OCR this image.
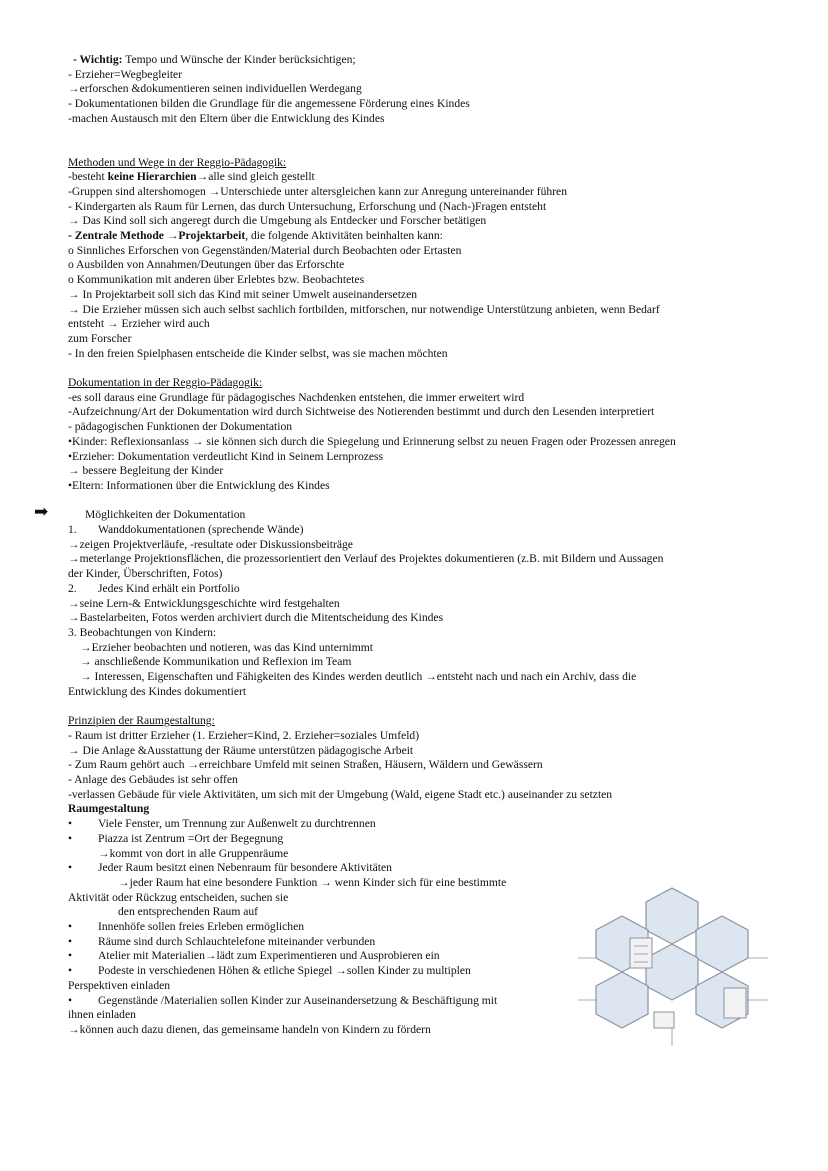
- Wichtig: Tempo und Wünsche der Kinder berücksichtigen;
- Erzieher=Wegbegleiter
→erforschen &dokumentieren seinen individuellen Werdegang
- Dokumentationen bilden die Grundlage für die angemessene Förderung eines Kindes
-machen Austausch mit den Eltern über die Entwicklung des Kindes
Methoden und Wege in der Reggio-Pädagogik:
-besteht keine Hierarchien→alle sind gleich gestellt
-Gruppen sind altershomogen →Unterschiede unter altersgleichen kann zur Anregung untereinander führen
- Kindergarten als Raum für Lernen, das durch Untersuchung, Erforschung und (Nach-)Fragen entsteht
→ Das Kind soll sich angeregt durch die Umgebung als Entdecker und Forscher betätigen
- Zentrale Methode →Projektarbeit, die folgende Aktivitäten beinhalten kann:
o Sinnliches Erforschen von Gegenständen/Material durch Beobachten oder Ertasten
o Ausbilden von Annahmen/Deutungen über das Erforschte
o Kommunikation mit anderen über Erlebtes bzw. Beobachtetes
→ In Projektarbeit soll sich das Kind mit seiner Umwelt auseinandersetzen
→ Die Erzieher müssen sich auch selbst sachlich fortbilden, mitforschen, nur notwendige Unterstützung anbieten, wenn Bedarf
entsteht → Erzieher wird auch
zum Forscher
- In den freien Spielphasen entscheide die Kinder selbst, was sie machen möchten
Dokumentation in der Reggio-Pädagogik:
-es soll daraus eine Grundlage für pädagogisches Nachdenken entstehen, die immer erweitert wird
-Aufzeichnung/Art der Dokumentation wird durch Sichtweise des Notierenden bestimmt und durch den Lesenden interpretiert
- pädagogischen Funktionen der Dokumentation
•Kinder: Reflexionsanlass → sie können sich durch die Spiegelung und Erinnerung selbst zu neuen Fragen oder Prozessen anregen
•Erzieher: Dokumentation verdeutlicht Kind in Seinem Lernprozess
→ bessere Begleitung der Kinder
•Eltern: Informationen über die Entwicklung des Kindes
Möglichkeiten der Dokumentation
1. Wanddokumentationen (sprechende Wände)
→zeigen Projektverläufe, -resultate oder Diskussionsbeiträge
→meterlange Projektionsflächen, die prozessorientiert den Verlauf des Projektes dokumentieren (z.B. mit Bildern und Aussagen
der Kinder, Überschriften, Fotos)
2. Jedes Kind erhält ein Portfolio
→seine Lern-& Entwicklungsgeschichte wird festgehalten
→Bastelarbeiten, Fotos werden archiviert durch die Mitentscheidung des Kindes
3. Beobachtungen von Kindern:
→Erzieher beobachten und notieren, was das Kind unternimmt
→ anschließende Kommunikation und Reflexion im Team
→ Interessen, Eigenschaften und Fähigkeiten des Kindes werden deutlich →entsteht nach und nach ein Archiv, dass die
Entwicklung des Kindes dokumentiert
Prinzipien der Raumgestaltung:
- Raum ist dritter Erzieher (1. Erzieher=Kind, 2. Erzieher=soziales Umfeld)
→ Die Anlage &Ausstattung der Räume unterstützen pädagogische Arbeit
- Zum Raum gehört auch →erreichbare Umfeld mit seinen Straßen, Häusern, Wäldern und Gewässern
- Anlage des Gebäudes ist sehr offen
-verlassen Gebäude für viele Aktivitäten, um sich mit der Umgebung (Wald, eigene Stadt etc.) auseinander zu setzten
Raumgestaltung
• Viele Fenster, um Trennung zur Außenwelt zu durchtrennen
• Piazza ist Zentrum =Ort der Begegnung
→kommt von dort in alle Gruppenräume
• Jeder Raum besitzt einen Nebenraum für besondere Aktivitäten
→jeder Raum hat eine besondere Funktion → wenn Kinder sich für eine bestimmte
Aktivität oder Rückzug entscheiden, suchen sie
den entsprechenden Raum auf
• Innenhöfe sollen freies Erleben ermöglichen
• Räume sind durch Schlauchtelefone miteinander verbunden
• Atelier mit Materialien→lädt zum Experimentieren und Ausprobieren ein
• Podeste in verschiedenen Höhen & etliche Spiegel →sollen Kinder zu multiplen
Perspektiven einladen
• Gegenstände /Materialien sollen Kinder zur Auseinandersetzung & Beschäftigung mit
ihnen einladen
→können auch dazu dienen, das gemeinsame handeln von Kindern zu fördern
➡
